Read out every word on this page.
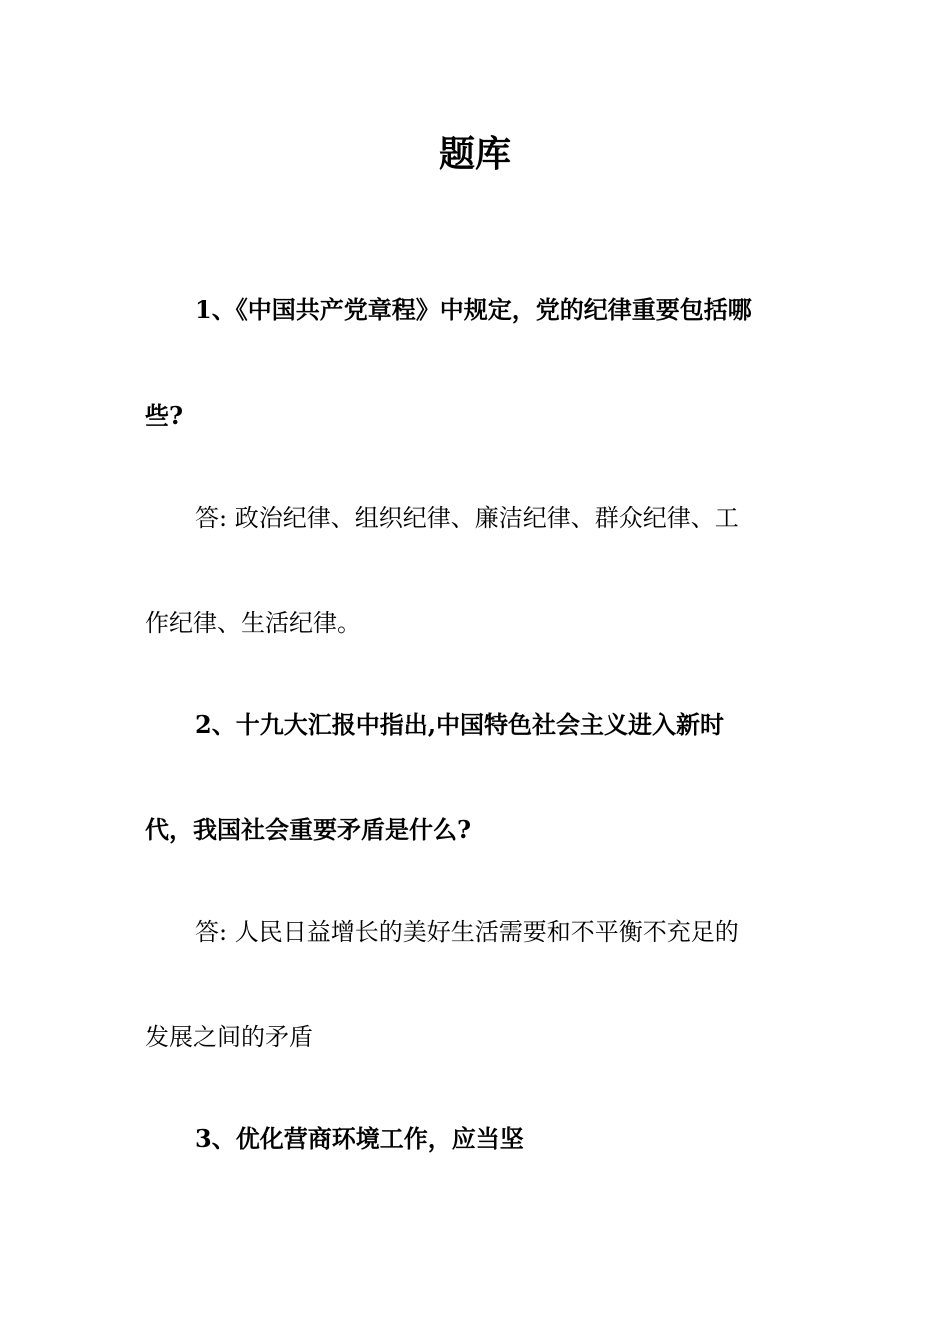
题库
1、《中国共产党章程》中规定，党的纪律重要包括哪
些?
答: 政治纪律、组织纪律、廉洁纪律、群众纪律、工
作纪律、生活纪律。
2、十九大汇报中指出,中国特色社会主义进入新时
代，我国社会重要矛盾是什么?
答: 人民日益增长的美好生活需要和不平衡不充足的
发展之间的矛盾
3、优化营商环境工作，应当坚
